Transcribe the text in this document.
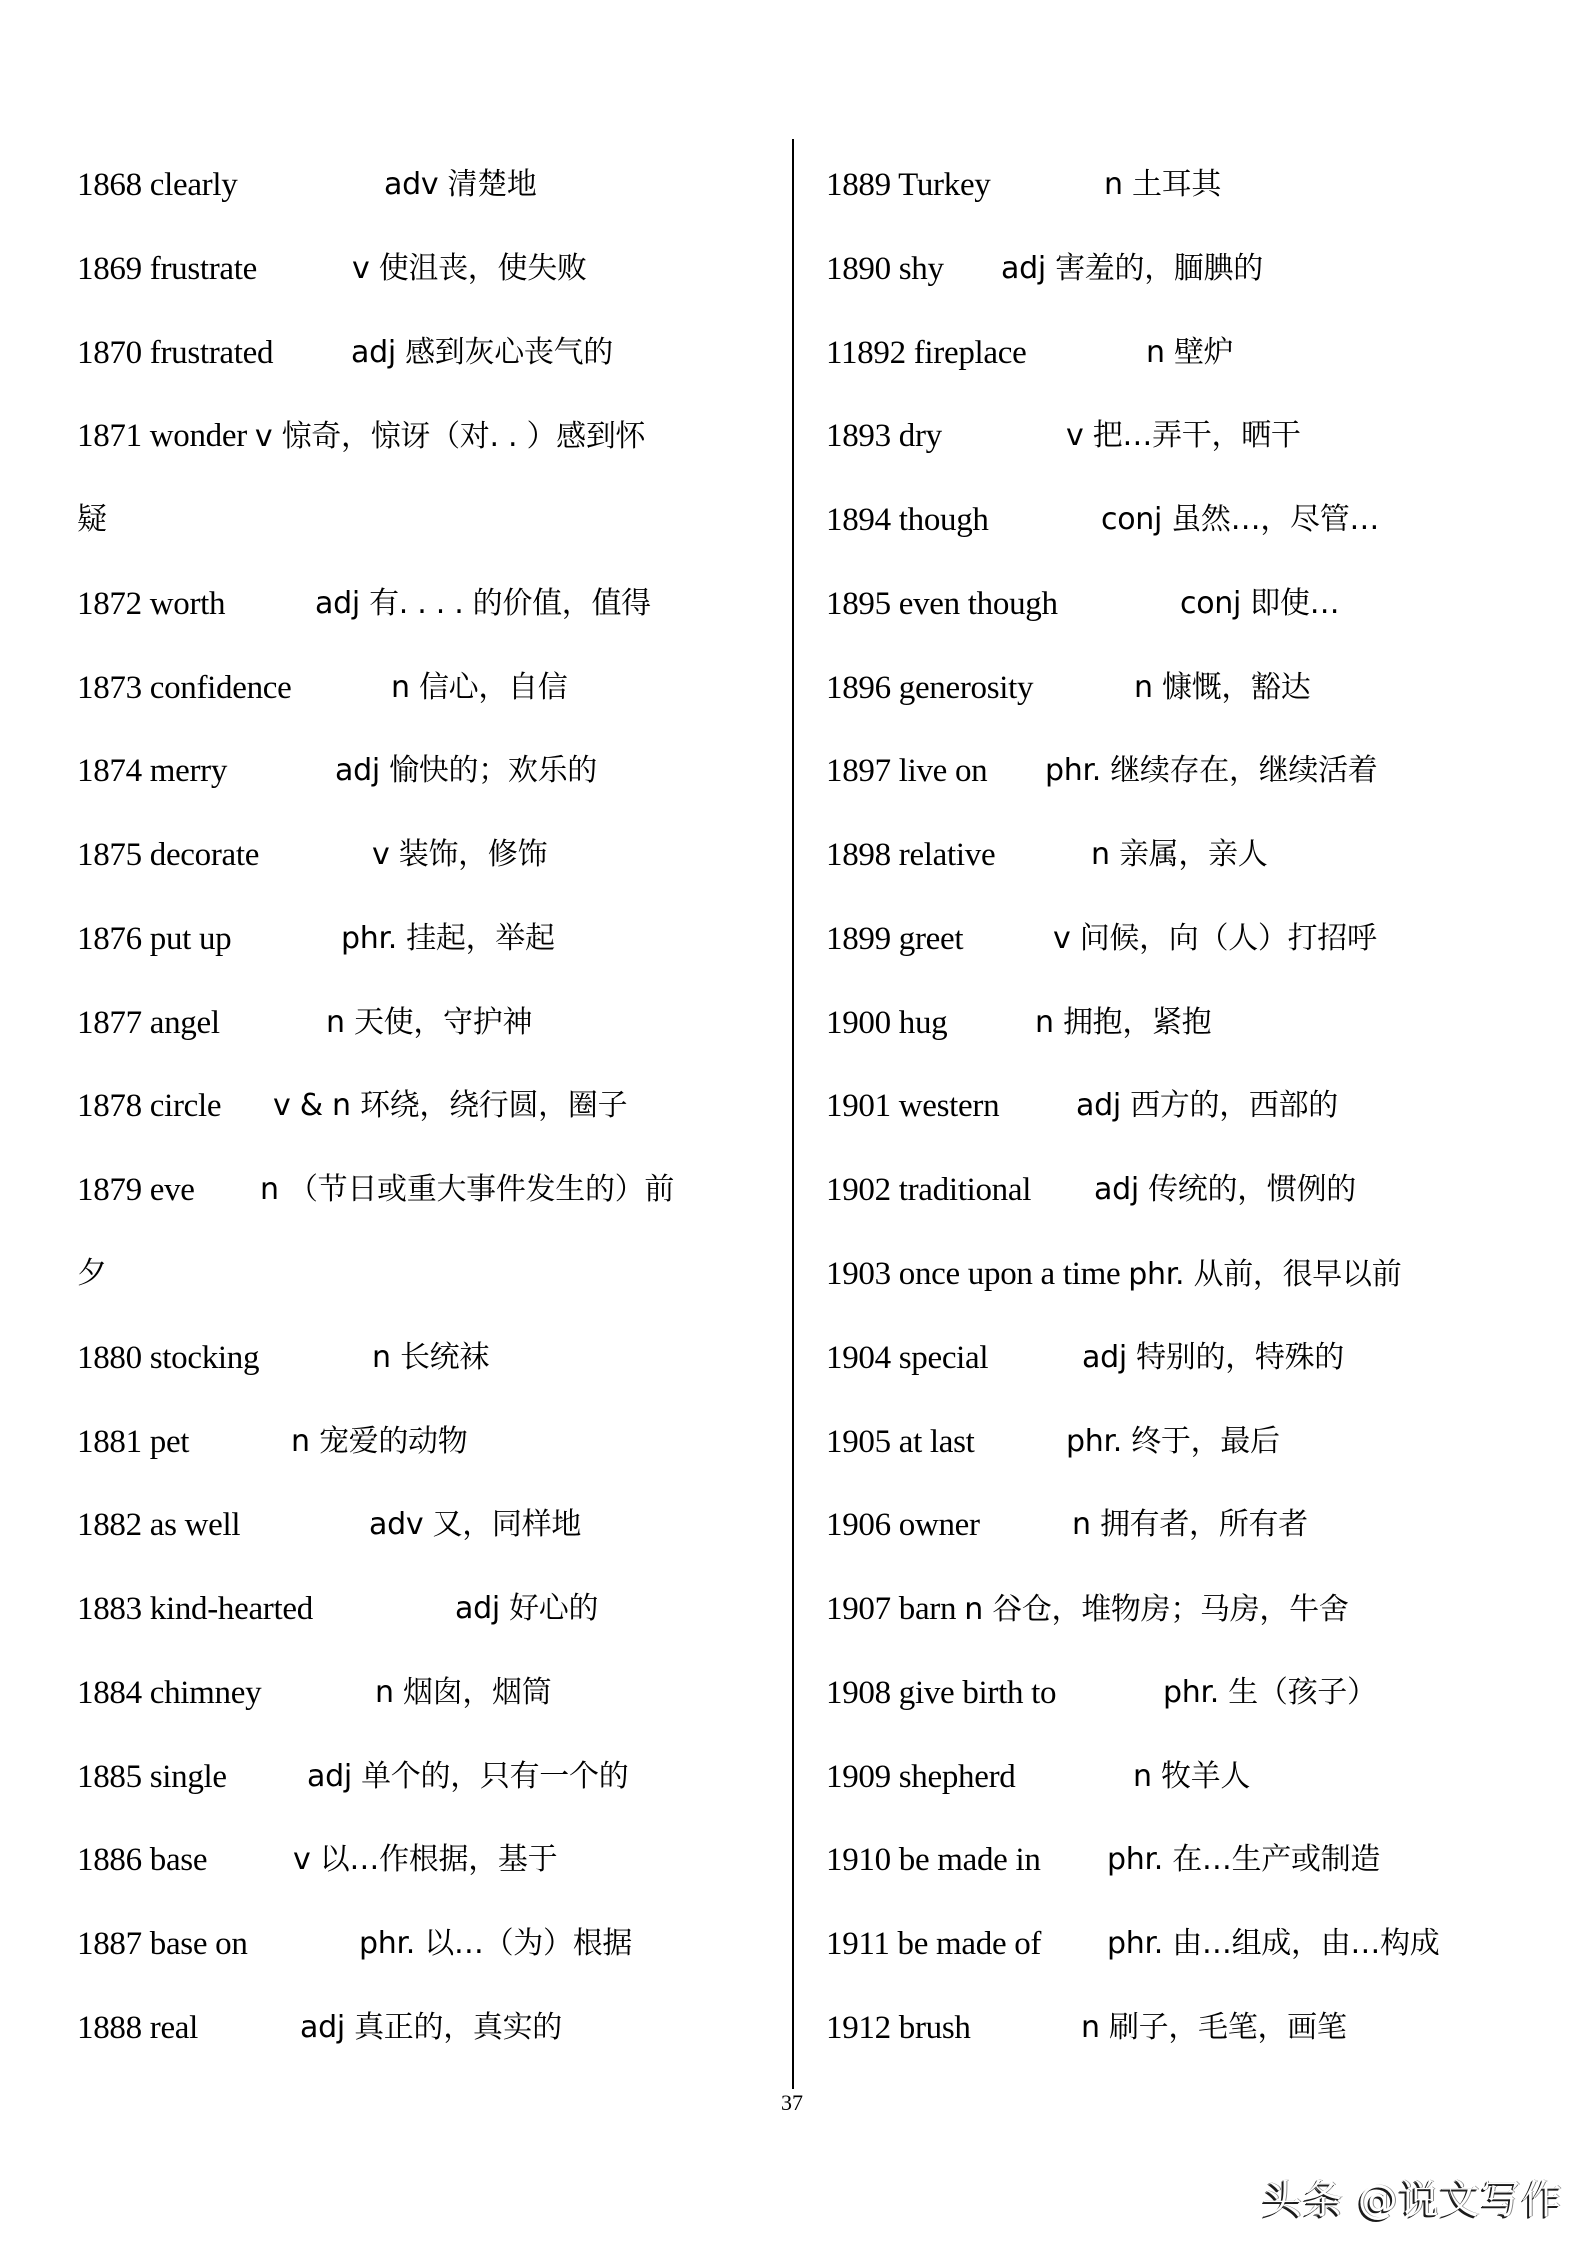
1868 clearly	adv 清楚地
1869 frustrate	v 使沮丧，使失败
1870 frustrated	adj 感到灰心丧气的
1871 wonder v 惊奇，惊讶（对. . ）感到怀
疑
1872 worth	adj 有. . . . 的价值，值得
1873 confidence	n 信心，自信
1874 merry	adj 愉快的；欢乐的
1875 decorate	v 装饰，修饰
1876 put up	phr. 挂起，举起
1877 angel	n 天使，守护神
1878 circle v & n 环绕，绕行圆，圈子
1879 eve n （节日或重大事件发生的）前
夕
1880 stocking	n 长统袜
1881 pet	n 宠爱的动物
1882 as well	adv 又，同样地
1883 kind-hearted	adj 好心的
1884 chimney	n 烟囱，烟筒
1885 single	adj 单个的，只有一个的
1886 base	v 以…作根据，基于
1887 base on	phr. 以…（为）根据
1888 real	adj 真正的，真实的
1889 Turkey	n 土耳其
1890 shy adj 害羞的，腼腆的
11892 fireplace	n 壁炉
1893 dry	v 把…弄干，晒干
1894 though	conj 虽然…，尽管…
1895 even though	conj 即使…
1896 generosity	n 慷慨，豁达
1897 live on phr. 继续存在，继续活着
1898 relative	n 亲属，亲人
1899 greet	v 问候，向（人）打招呼
1900 hug	n 拥抱，紧抱
1901 western	adj 西方的，西部的
1902 traditional adj 传统的，惯例的
1903 once upon a time phr. 从前，很早以前
1904 special	adj 特别的，特殊的
1905 at last	phr. 终于，最后
1906 owner	n 拥有者，所有者
1907 barn n 谷仓，堆物房；马房，牛舍
1908 give birth to	phr. 生（孩子）
1909 shepherd	n 牧羊人
1910 be made in phr. 在…生产或制造
1911 be made of phr. 由…组成，由…构成
1912 brush	n 刷子，毛笔，画笔
37
头条 @说文写作
